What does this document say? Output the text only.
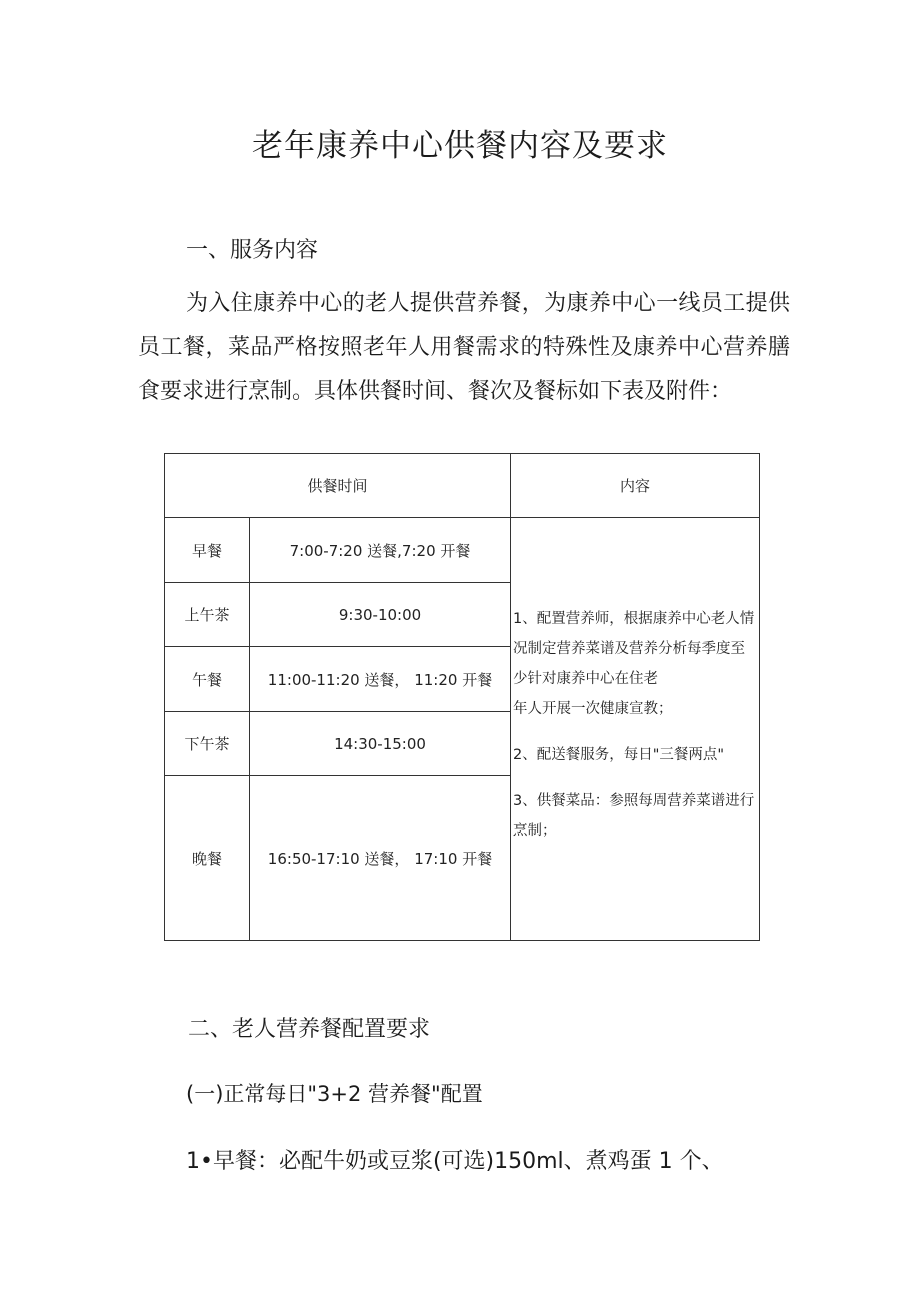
老年康养中心供餐内容及要求
一、服务内容
为入住康养中心的老人提供营养餐，为康养中心一线员工提供员工餐，菜品严格按照老年人用餐需求的特殊性及康养中心营养膳食要求进行烹制。具体供餐时间、餐次及餐标如下表及附件：
供餐时间		内容
早餐	7:00-7:20 送餐,7:20 开餐	1、配置营养师，根据康养中心老人情况制定营养菜谱及营养分析每季度至少针对康养中心在住老

年人开展一次健康宣教；

2、配送餐服务，每日"三餐两点"

3、供餐菜品：参照每周营养菜谱进行烹制；

上午茶	9:30-10:00	
午餐	11:00-11:20 送餐， 11:20 开餐	
下午茶	14:30-15:00	
晚餐	16:50-17:10 送餐， 17:10 开餐	
二、老人营养餐配置要求
(一)正常每日"3+2 营养餐"配置
1•早餐：必配牛奶或豆浆(可选)150ml、煮鸡蛋 1 个、
